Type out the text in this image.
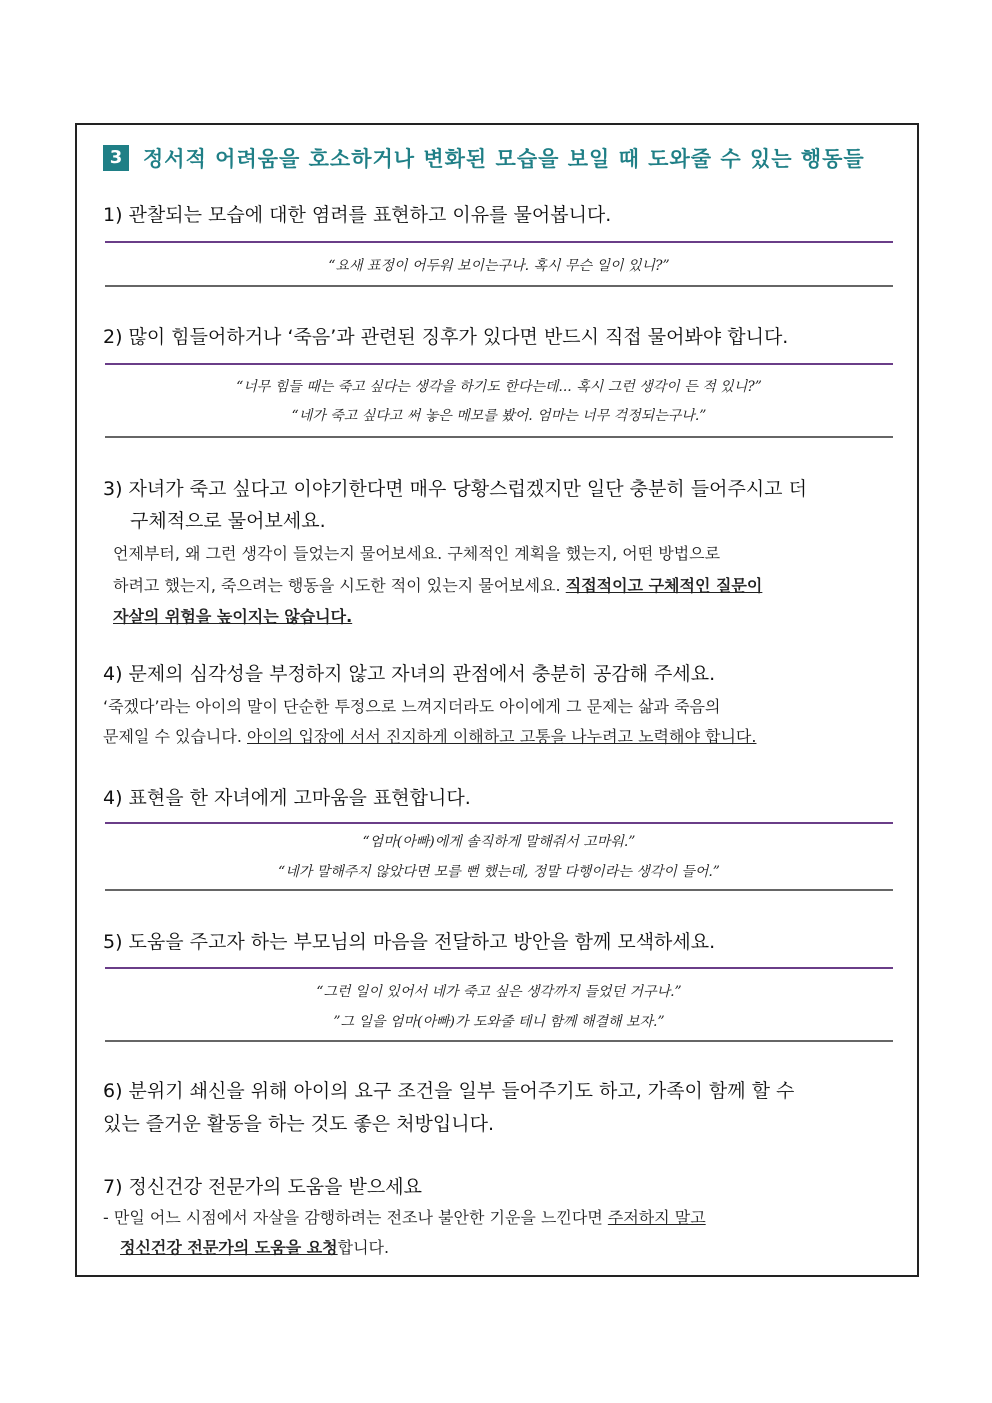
3 정서적 어려움을 호소하거나 변화된 모습을 보일 때 도와줄 수 있는 행동들
1) 관찰되는 모습에 대한 염려를 표현하고 이유를 물어봅니다.
“요새 표정이 어두워 보이는구나. 혹시 무슨 일이 있니?”
2) 많이 힘들어하거나 ‘죽음’과 관련된 징후가 있다면 반드시 직접 물어봐야 합니다.
“너무 힘들 때는 죽고 싶다는 생각을 하기도 한다는데... 혹시 그런 생각이 든 적 있니?”
“네가 죽고 싶다고 써 놓은 메모를 봤어. 엄마는 너무 걱정되는구나.”
3) 자녀가 죽고 싶다고 이야기한다면 매우 당황스럽겠지만 일단 충분히 들어주시고 더
구체적으로 물어보세요.
언제부터, 왜 그런 생각이 들었는지 물어보세요. 구체적인 계획을 했는지, 어떤 방법으로
하려고 했는지, 죽으려는 행동을 시도한 적이 있는지 물어보세요. 직접적이고 구체적인 질문이
자살의 위험을 높이지는 않습니다.
4) 문제의 심각성을 부정하지 않고 자녀의 관점에서 충분히 공감해 주세요.
‘죽겠다’라는 아이의 말이 단순한 투정으로 느껴지더라도 아이에게 그 문제는 삶과 죽음의
문제일 수 있습니다. 아이의 입장에 서서 진지하게 이해하고 고통을 나누려고 노력해야 합니다.
4) 표현을 한 자녀에게 고마움을 표현합니다.
“엄마(아빠)에게 솔직하게 말해줘서 고마워.”
“네가 말해주지 않았다면 모를 뻔 했는데, 정말 다행이라는 생각이 들어.”
5) 도움을 주고자 하는 부모님의 마음을 전달하고 방안을 함께 모색하세요.
“그런 일이 있어서 네가 죽고 싶은 생각까지 들었던 거구나.”
”그 일을 엄마(아빠)가 도와줄 테니 함께 해결해 보자.”
6) 분위기 쇄신을 위해 아이의 요구 조건을 일부 들어주기도 하고, 가족이 함께 할 수
있는 즐거운 활동을 하는 것도 좋은 처방입니다.
7) 정신건강 전문가의 도움을 받으세요
- 만일 어느 시점에서 자살을 감행하려는 전조나 불안한 기운을 느낀다면 주저하지 말고
정신건강 전문가의 도움을 요청합니다.
